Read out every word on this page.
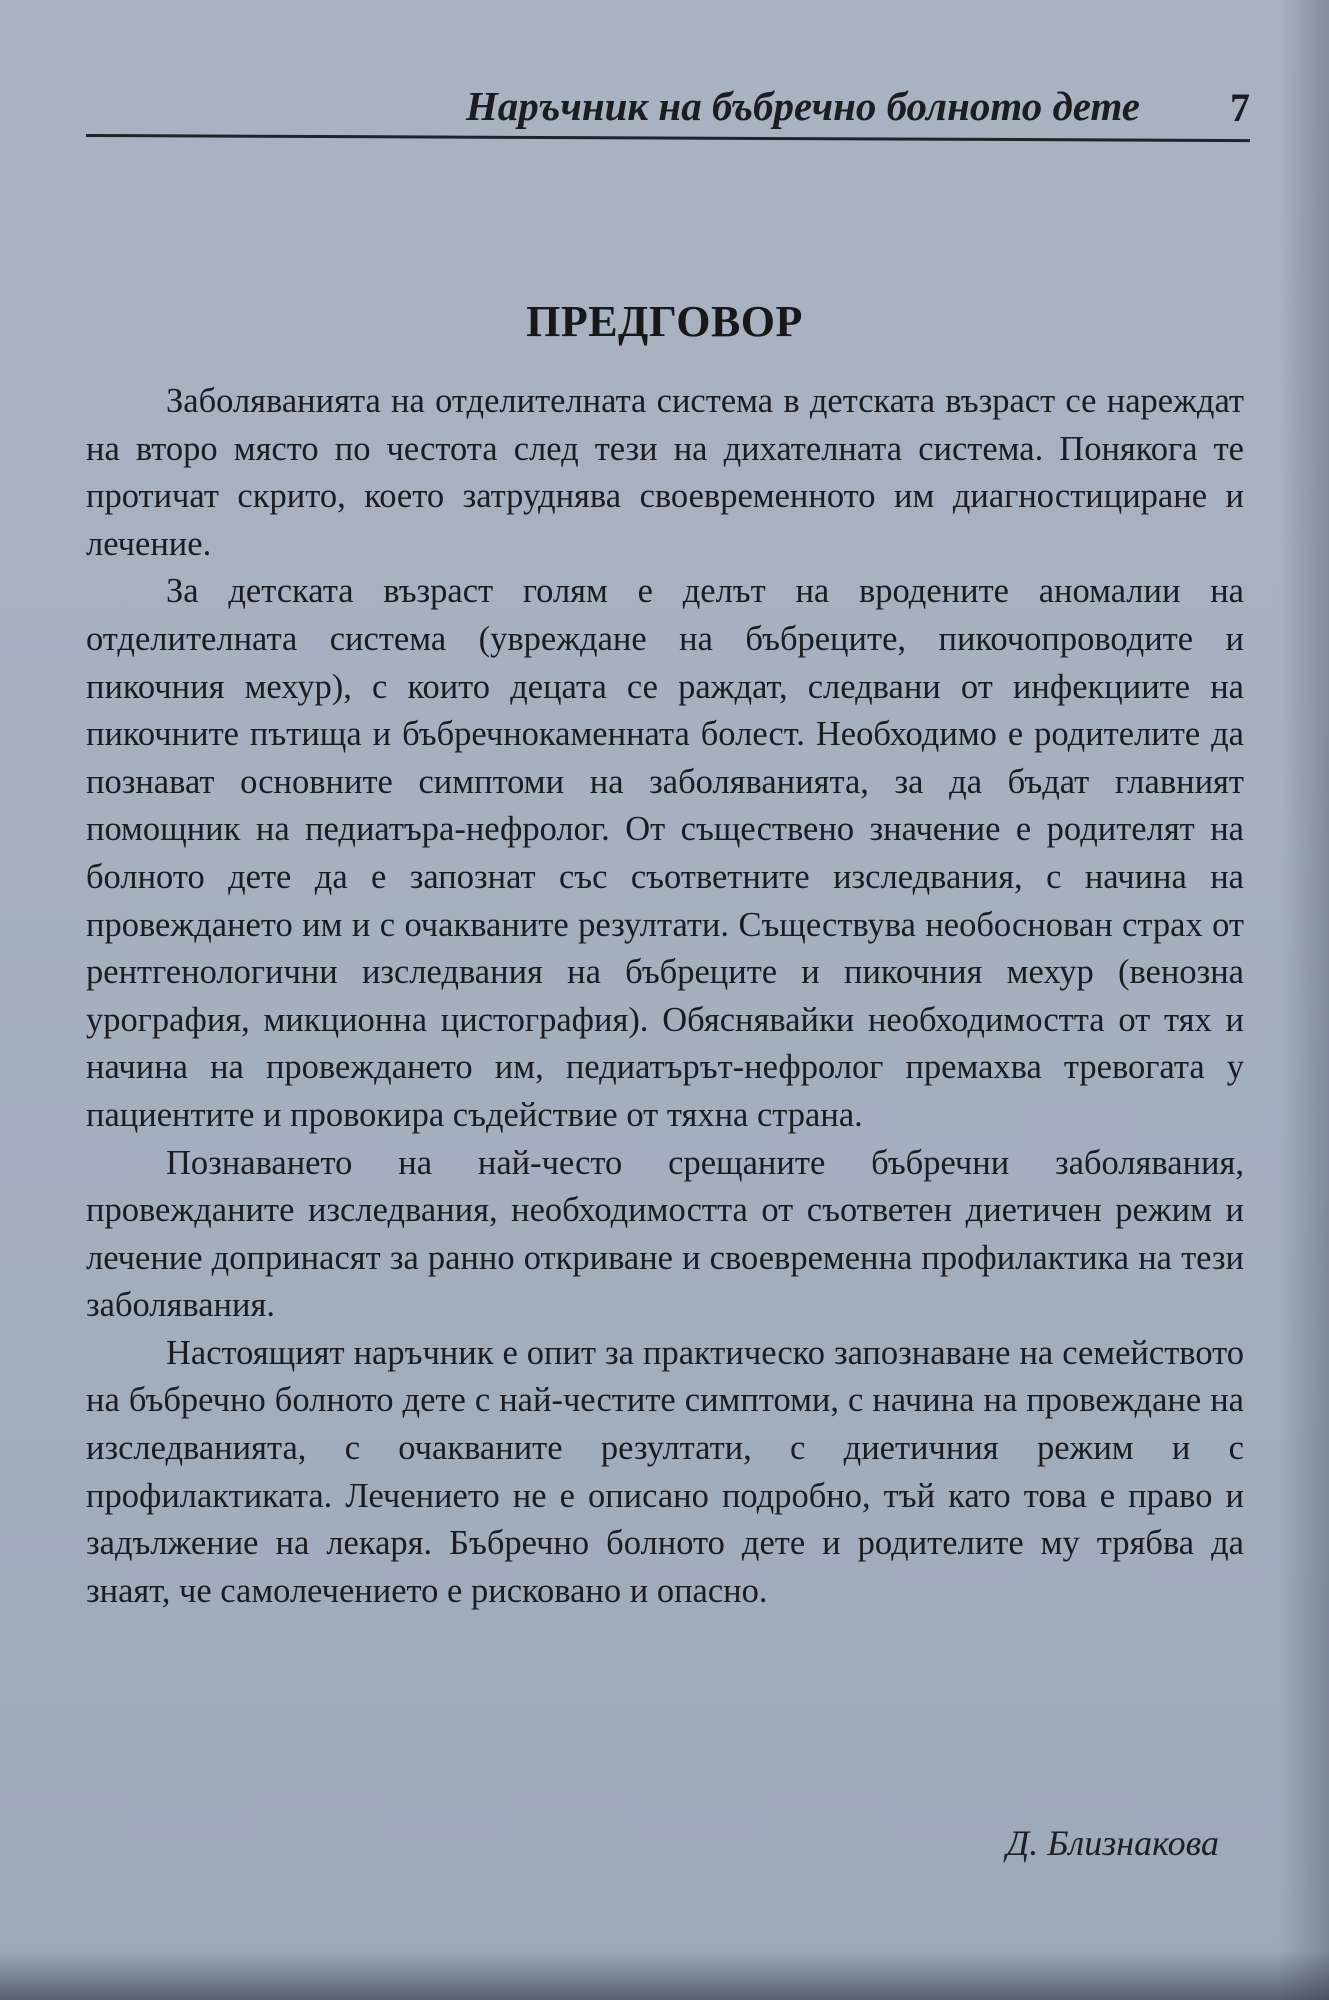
Наръчник на бъбречно болното дете 7
ПРЕДГОВОР

Заболяванията на отделителната система в детската възраст се нареждат на второ място по честота след тези на дихателната система. Понякога те протичат скрито, което затруднява своевременното им диагностициране и лечение.

За детската възраст голям е делът на вродените аномалии на отделителната система (увреждане на бъбреците, пикочопроводите и пикочния мехур), с които децата се раждат, следвани от инфекциите на пикочните пътища и бъбречнокаменната болест. Необходимо е родителите да познават основните симптоми на заболяванията, за да бъдат главният помощник на педиатъра-нефролог. От съществено значение е родителят на болното дете да е запознат със съответните изследвания, с начина на провеждането им и с очакваните резултати. Съществува необоснован страх от рентгенологични изследвания на бъбреците и пикочния мехур (венозна урография, микционна цистография). Обяснявайки необходимостта от тях и начина на провеждането им, педиатърът-нефролог премахва тревогата у пациентите и провокира съдействие от тяхна страна.

Познаването на най-често срещаните бъбречни заболявания, провежданите изследвания, необходимостта от съответен диетичен режим и лечение допринасят за ранно откриване и своевременна профилактика на тези заболявания.

Настоящият наръчник е опит за практическо запознаване на семейството на бъбречно болното дете с най-честите симптоми, с начина на провеждане на изследванията, с очакваните резултати, с диетичния режим и с профилактиката. Лечението не е описано подробно, тъй като това е право и задължение на лекаря. Бъбречно болното дете и родителите му трябва да знаят, че самолечението е рисковано и опасно.

Д. Близнакова
